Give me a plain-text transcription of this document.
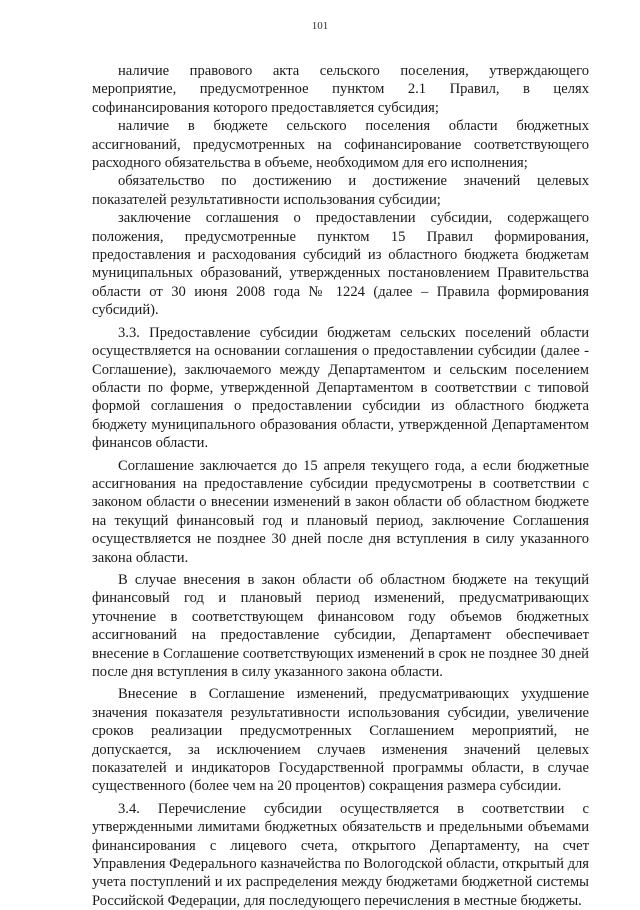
101

наличие правового акта сельского поселения, утверждающего мероприятие, предусмотренное пунктом 2.1 Правил, в целях софинансирования которого предоставляется субсидия;

наличие в бюджете сельского поселения области бюджетных ассигнований, предусмотренных на софинансирование соответствующего расходного обязательства в объеме, необходимом для его исполнения;

обязательство по достижению и достижение значений целевых показателей результативности использования субсидии;

заключение соглашения о предоставлении субсидии, содержащего положения, предусмотренные пунктом 15 Правил формирования, предоставления и расходования субсидий из областного бюджета бюджетам муниципальных образований, утвержденных постановлением Правительства области от 30 июня 2008 года № 1224 (далее – Правила формирования субсидий).

3.3. Предоставление субсидии бюджетам сельских поселений области осуществляется на основании соглашения о предоставлении субсидии (далее - Соглашение), заключаемого между Департаментом и сельским поселением области по форме, утвержденной Департаментом в соответствии с типовой формой соглашения о предоставлении субсидии из областного бюджета бюджету муниципального образования области, утвержденной Департаментом финансов области.

Соглашение заключается до 15 апреля текущего года, а если бюджетные ассигнования на предоставление субсидии предусмотрены в соответствии с законом области о внесении изменений в закон области об областном бюджете на текущий финансовый год и плановый период, заключение Соглашения осуществляется не позднее 30 дней после дня вступления в силу указанного закона области.

В случае внесения в закон области об областном бюджете на текущий финансовый год и плановый период изменений, предусматривающих уточнение в соответствующем финансовом году объемов бюджетных ассигнований на предоставление субсидии, Департамент обеспечивает внесение в Соглашение соответствующих изменений в срок не позднее 30 дней после дня вступления в силу указанного закона области.

Внесение в Соглашение изменений, предусматривающих ухудшение значения показателя результативности использования субсидии, увеличение сроков реализации предусмотренных Соглашением мероприятий, не допускается, за исключением случаев изменения значений целевых показателей и индикаторов Государственной программы области, в случае существенного (более чем на 20 процентов) сокращения размера субсидии.

3.4. Перечисление субсидии осуществляется в соответствии с утвержденными лимитами бюджетных обязательств и предельными объемами финансирования с лицевого счета, открытого Департаменту, на счет Управления Федерального казначейства по Вологодской области, открытый для учета поступлений и их распределения между бюджетами бюджетной системы Российской Федерации, для последующего перечисления в местные бюджеты.
